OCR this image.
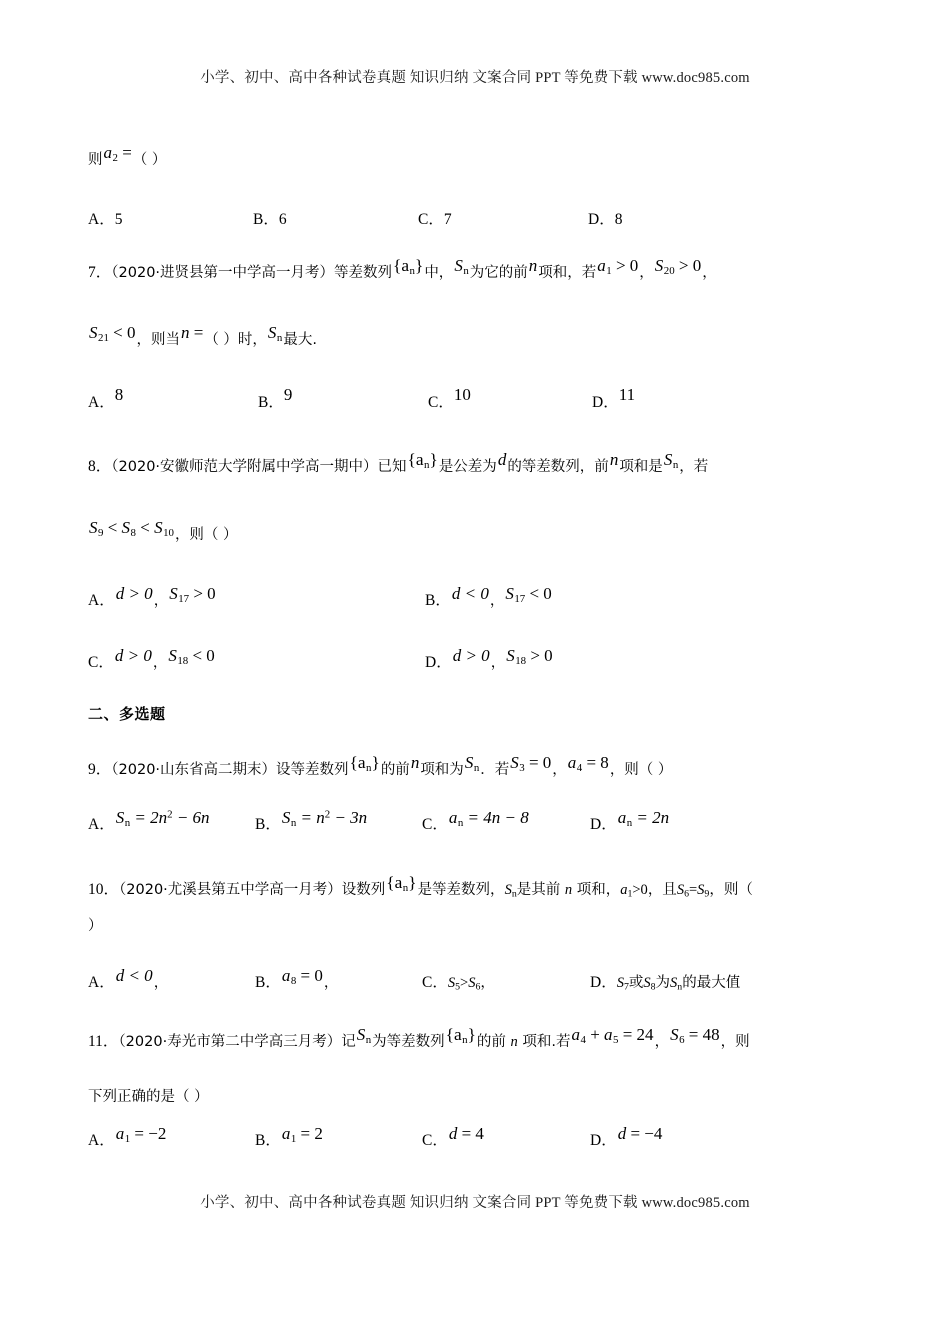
小学、初中、高中各种试卷真题 知识归纳 文案合同 PPT 等免费下载 www.doc985.com
则$a_2$ =（ ）
A．5	B．6	C．7	D．8
7．（2020·进贤县第一中学高一月考）等差数列$\{a_n\}$中，$S_n$为它的前n项和，若$a_1 > 0$，$S_{20} > 0$，
$S_{21} < 0$，则当n =（ ）时，$S_n$最大.
A．8	B．9	C．10	D．11
8．（2020·安徽师范大学附属中学高一期中）已知$\{a_n\}$是公差为d的等差数列，前n项和是$S_n$，若
$S_9 < S_8 < S_{10}$，则（ ）
A．d > 0，$S_{17} > 0$	B．d < 0，$S_{17} < 0$
C．d > 0，$S_{18} < 0$	D．d > 0，$S_{18} > 0$
二、多选题
9．（2020·山东省高二期末）设等差数列$\{a_n\}$的前n项和为$S_n$．若$S_3 = 0$，$a_4 = 8$，则（ ）
A．$S_n = 2n^2 - 6n$	B．$S_n = n^2 - 3n$	C．$a_n = 4n - 8$	D．$a_n = 2n$
10．（2020·尤溪县第五中学高一月考）设数列$\{a_n\}$是等差数列，$S_n$是其前 n 项和，$a_1>0$，且$S_6=S_9$，则（
）
A．d < 0，	B．$a_8 = 0$，	C．$S_5>S_6$，	D．$S_7$或$S_8$为$S_n$的最大值
11．（2020·寿光市第二中学高三月考）记$S_n$为等差数列$\{a_n\}$的前 n 项和.若$a_4 + a_5 = 24$，$S_6 = 48$，则
下列正确的是（ ）
A．$a_1 = -2$	B．$a_1 = 2$	C．d = 4	D．d = −4
小学、初中、高中各种试卷真题 知识归纳 文案合同 PPT 等免费下载 www.doc985.com
